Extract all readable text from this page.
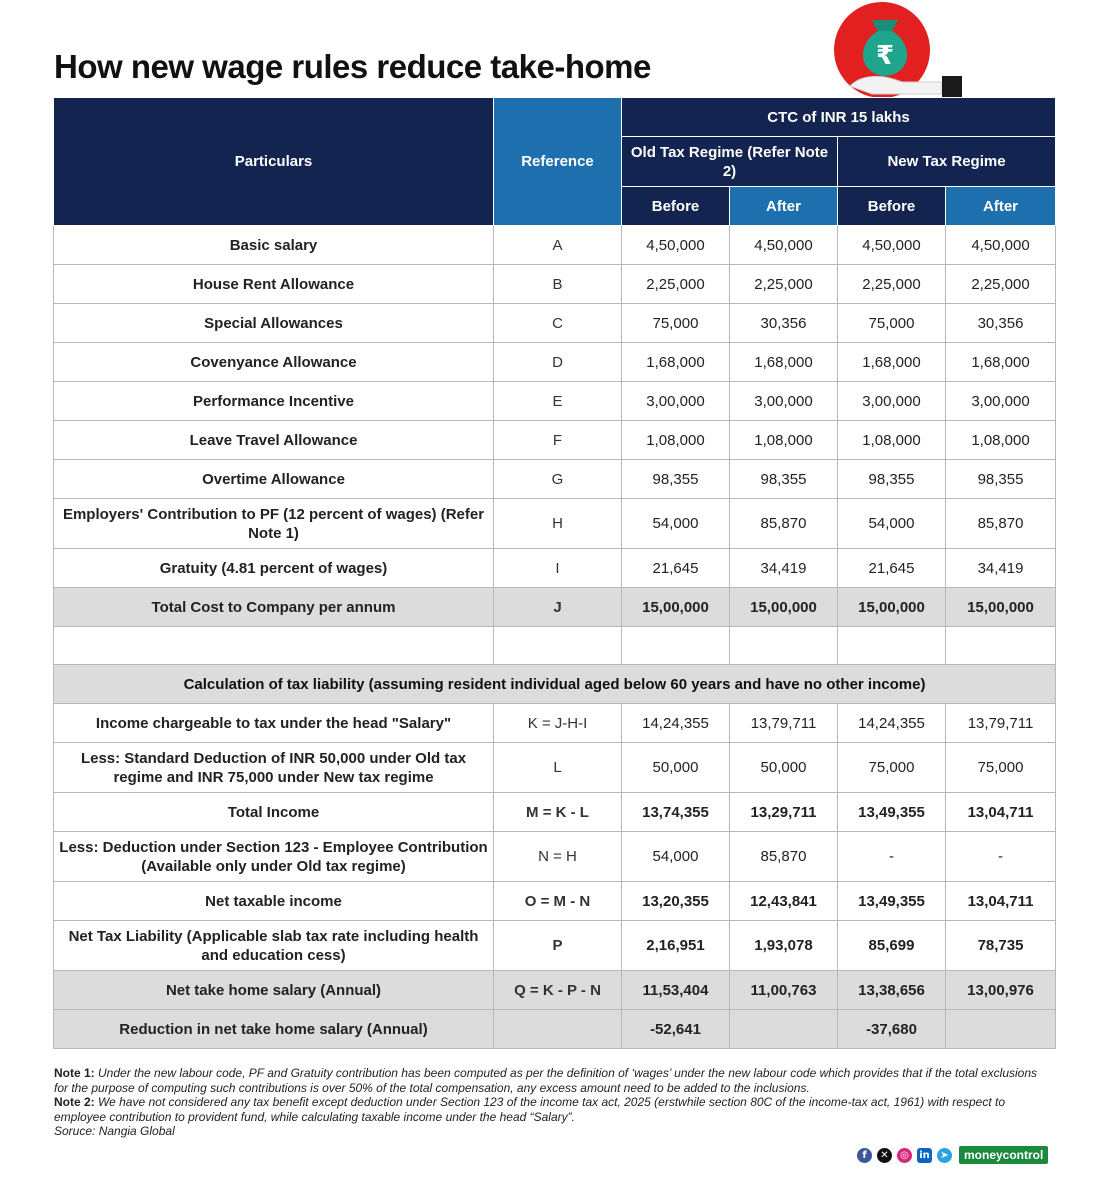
How new wage rules reduce take-home	₹
Particulars	Reference	CTC of INR 15 lakhs			
		Old Tax Regime (Refer Note 2)		New Tax Regime	
		Before	After	Before	After
Basic salary	A	4,50,000	4,50,000	4,50,000	4,50,000
House Rent Allowance	B	2,25,000	2,25,000	2,25,000	2,25,000
Special Allowances	C	75,000	30,356	75,000	30,356
Covenyance Allowance	D	1,68,000	1,68,000	1,68,000	1,68,000
Performance Incentive	E	3,00,000	3,00,000	3,00,000	3,00,000
Leave Travel Allowance	F	1,08,000	1,08,000	1,08,000	1,08,000
Overtime Allowance	G	98,355	98,355	98,355	98,355
Employers' Contribution to PF (12 percent of wages) (Refer Note 1)	H	54,000	85,870	54,000	85,870
Gratuity (4.81 percent of wages)	I	21,645	34,419	21,645	34,419
Total Cost to Company per annum	J	15,00,000	15,00,000	15,00,000	15,00,000

Calculation of tax liability (assuming resident individual aged below 60 years and have no other income)					
Income chargeable to tax under the head "Salary"	K = J-H-I	14,24,355	13,79,711	14,24,355	13,79,711
Less: Standard Deduction of INR 50,000 under Old tax regime and INR 75,000 under New tax regime	L	50,000	50,000	75,000	75,000
Total Income	M = K - L	13,74,355	13,29,711	13,49,355	13,04,711
Less: Deduction under Section 123 - Employee Contribution (Available only under Old tax regime)	N = H	54,000	85,870	-	-
Net taxable income	O = M - N	13,20,355	12,43,841	13,49,355	13,04,711
Net Tax Liability (Applicable slab tax rate including health and education cess)	P	2,16,951	1,93,078	85,699	78,735
Net take home salary (Annual)	Q = K - P - N	11,53,404	11,00,763	13,38,656	13,00,976
Reduction in net take home salary (Annual)		-52,641		-37,680	

Note 1: Under the new labour code, PF and Gratuity contribution has been computed as per the definition of ‘wages’ under the new labour code which provides that if the total exclusions for the purpose of computing such contributions is over 50% of the total compensation, any excess amount need to be added to the inclusions.

Note 2: We have not considered any tax benefit except deduction under Section 123 of the income tax act, 2025 (erstwhile section 80C of the income-tax act, 1961) with respect to employee contribution to provident fund, while calculating taxable income under the head “Salary”.

Soruce: Nangia Global

f	✕	◎	in	➤	moneycontrol
